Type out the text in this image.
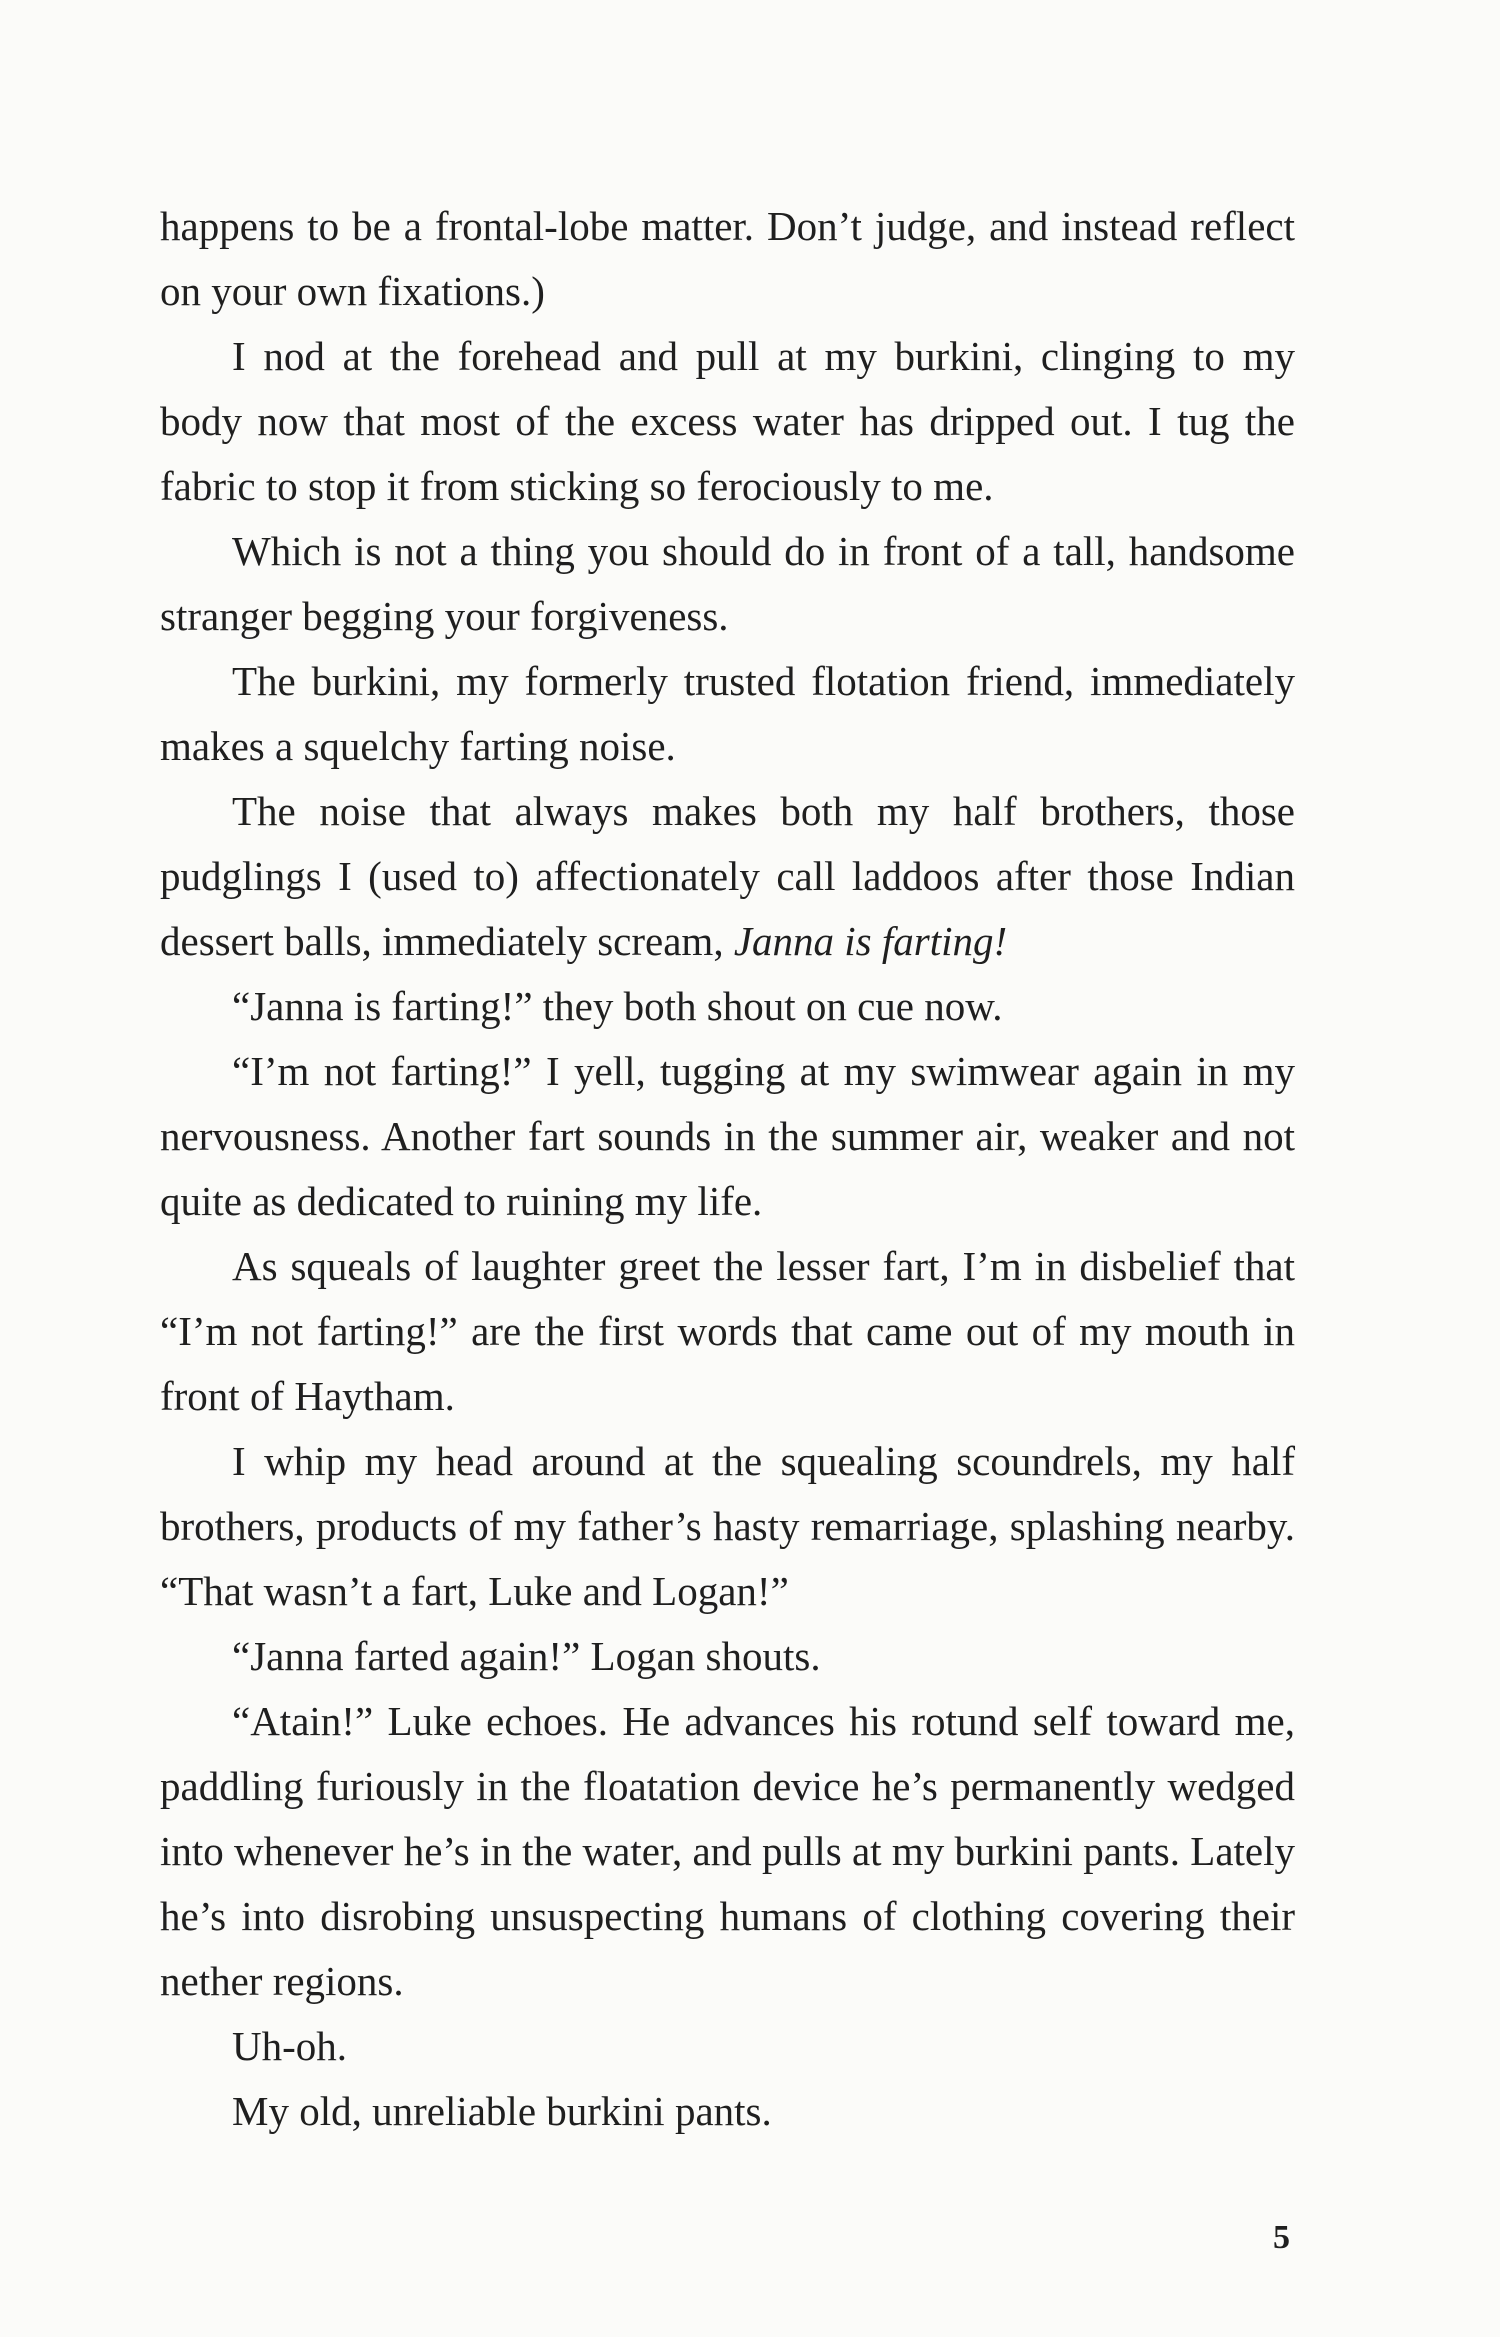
happens to be a frontal-lobe matter. Don’t judge, and instead reflect on your own fixations.)

I nod at the forehead and pull at my burkini, clinging to my body now that most of the excess water has dripped out. I tug the fabric to stop it from sticking so ferociously to me.

Which is not a thing you should do in front of a tall, handsome stranger begging your forgiveness.

The burkini, my formerly trusted flotation friend, immediately makes a squelchy farting noise.

The noise that always makes both my half brothers, those pudglings I (used to) affectionately call laddoos after those Indian dessert balls, immediately scream, Janna is farting!

“Janna is farting!” they both shout on cue now.

“I’m not farting!” I yell, tugging at my swimwear again in my nervousness. Another fart sounds in the summer air, weaker and not quite as dedicated to ruining my life.

As squeals of laughter greet the lesser fart, I’m in disbelief that “I’m not farting!” are the first words that came out of my mouth in front of Haytham.

I whip my head around at the squealing scoundrels, my half brothers, products of my father’s hasty remarriage, splashing nearby. “That wasn’t a fart, Luke and Logan!”

“Janna farted again!” Logan shouts.

“Atain!” Luke echoes. He advances his rotund self toward me, paddling furiously in the floatation device he’s permanently wedged into whenever he’s in the water, and pulls at my burkini pants. Lately he’s into disrobing unsuspecting humans of clothing covering their nether regions.

Uh-oh.

My old, unreliable burkini pants.

5
